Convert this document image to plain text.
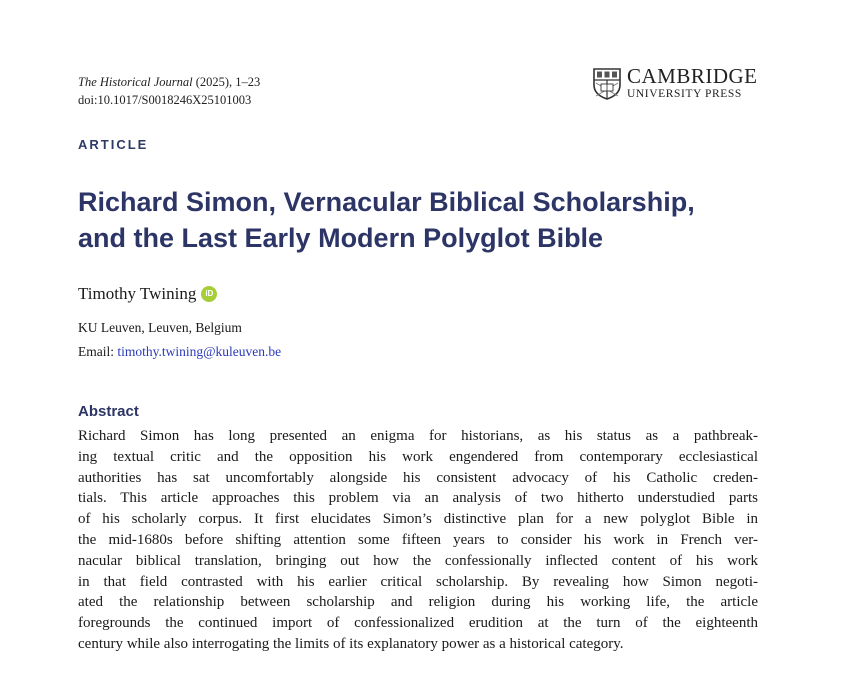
The Historical Journal (2025), 1–23
doi:10.1017/S0018246X25101003
CAMBRIDGE
UNIVERSITY PRESS
ARTICLE
Richard Simon, Vernacular Biblical Scholarship,
and the Last Early Modern Polyglot Bible
Timothy Twining	iD
KU Leuven, Leuven, Belgium
Email: timothy.twining@kuleuven.be
Abstract
Richard Simon has long presented an enigma for historians, as his status as a pathbreak-
ing textual critic and the opposition his work engendered from contemporary ecclesiastical
authorities has sat uncomfortably alongside his consistent advocacy of his Catholic creden-
tials. This article approaches this problem via an analysis of two hitherto understudied parts
of his scholarly corpus. It first elucidates Simon’s distinctive plan for a new polyglot Bible in
the mid-1680s before shifting attention some fifteen years to consider his work in French ver-
nacular biblical translation, bringing out how the confessionally inflected content of his work
in that field contrasted with his earlier critical scholarship. By revealing how Simon negoti-
ated the relationship between scholarship and religion during his working life, the article
foregrounds the continued import of confessionalized erudition at the turn of the eighteenth
century while also interrogating the limits of its explanatory power as a historical category.
